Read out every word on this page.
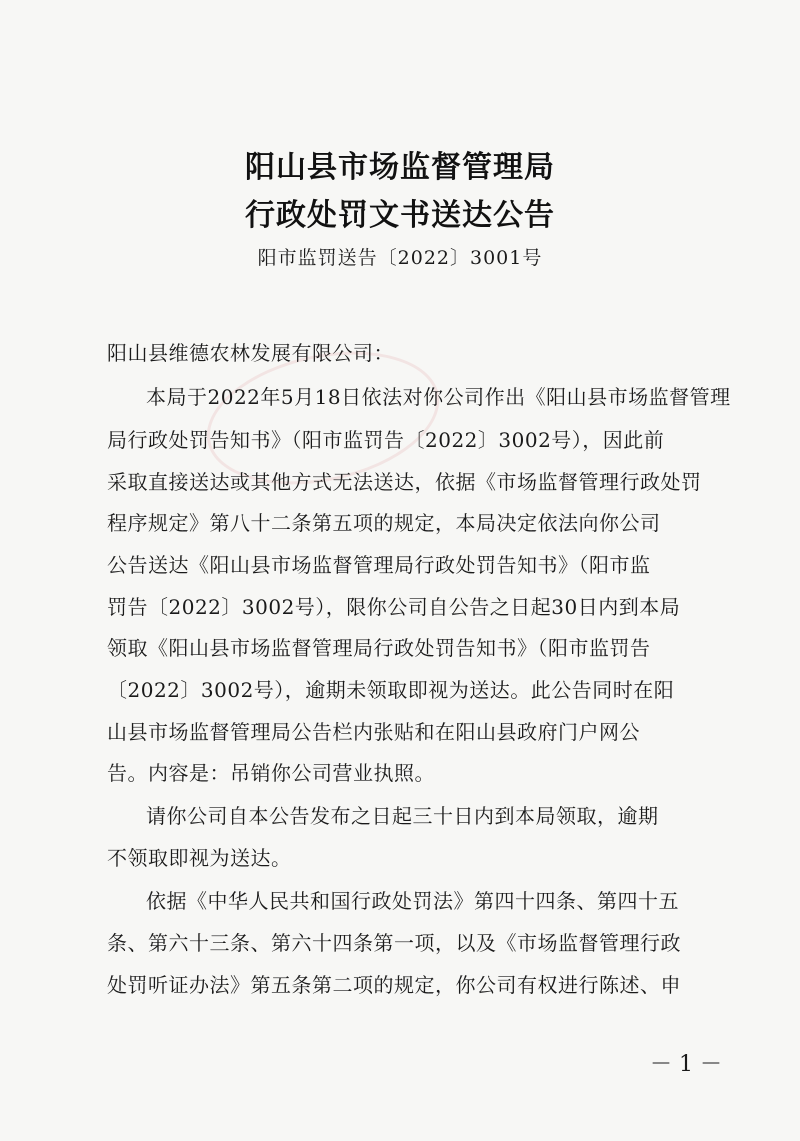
阳山县市场监督管理局
行政处罚文书送达公告
阳市监罚送告〔2022〕3001号
阳山县维德农林发展有限公司：
本局于2022年5月18日依法对你公司作出《阳山县市场监督管理
局行政处罚告知书》（阳市监罚告〔2022〕3002号），因此前
采取直接送达或其他方式无法送达，依据《市场监督管理行政处罚
程序规定》第八十二条第五项的规定，本局决定依法向你公司
公告送达《阳山县市场监督管理局行政处罚告知书》（阳市监
罚告〔2022〕3002号），限你公司自公告之日起30日内到本局
领取《阳山县市场监督管理局行政处罚告知书》（阳市监罚告
〔2022〕3002号），逾期未领取即视为送达。此公告同时在阳
山县市场监督管理局公告栏内张贴和在阳山县政府门户网公
告。内容是：吊销你公司营业执照。
请你公司自本公告发布之日起三十日内到本局领取，逾期
不领取即视为送达。
依据《中华人民共和国行政处罚法》第四十四条、第四十五
条、第六十三条、第六十四条第一项，以及《市场监督管理行政
处罚听证办法》第五条第二项的规定，你公司有权进行陈述、申
－ 1 －
